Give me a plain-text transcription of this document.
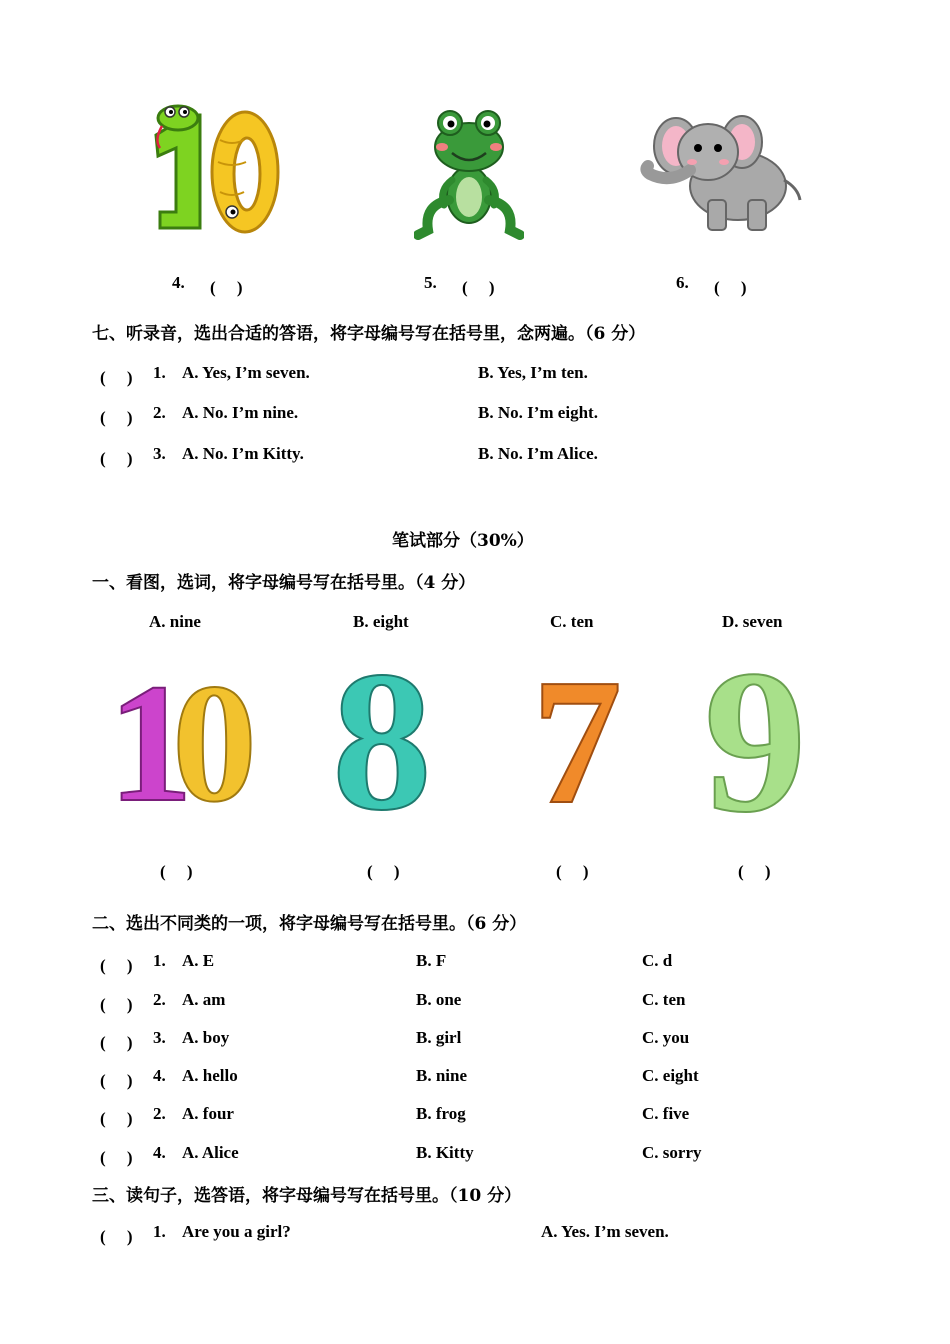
4. (　 )	5. (　 )	6. (　 )
七、听录音，选出合适的答语，将字母编号写在括号里，念两遍。（6 分）
(　 ) 1. A. Yes, I’m seven.	B. Yes, I’m ten.
(　 ) 2. A. No. I’m nine.	B. No. I’m eight.
(　 ) 3. A. No. I’m Kitty.	B. No. I’m Alice.
笔试部分（30%）
一、看图，选词，将字母编号写在括号里。（4 分）
A. nine	B. eight	C. ten	D. seven
1
0 8 7 9
(　 )	(　 )	(　 )	(　 )
二、选出不同类的一项，将字母编号写在括号里。（6 分）
(　 ) 1. A. E	B. F	C. d
(　 ) 2. A. am	B. one	C. ten
(　 ) 3. A. boy	B. girl	C. you
(　 ) 4. A. hello	B. nine	C. eight
(　 ) 2. A. four	B. frog	C. five
(　 ) 4. A. Alice	B. Kitty	C. sorry
三、读句子，选答语，将字母编号写在括号里。（10 分）
(　 ) 1. Are you a girl?	A. Yes. I’m seven.
